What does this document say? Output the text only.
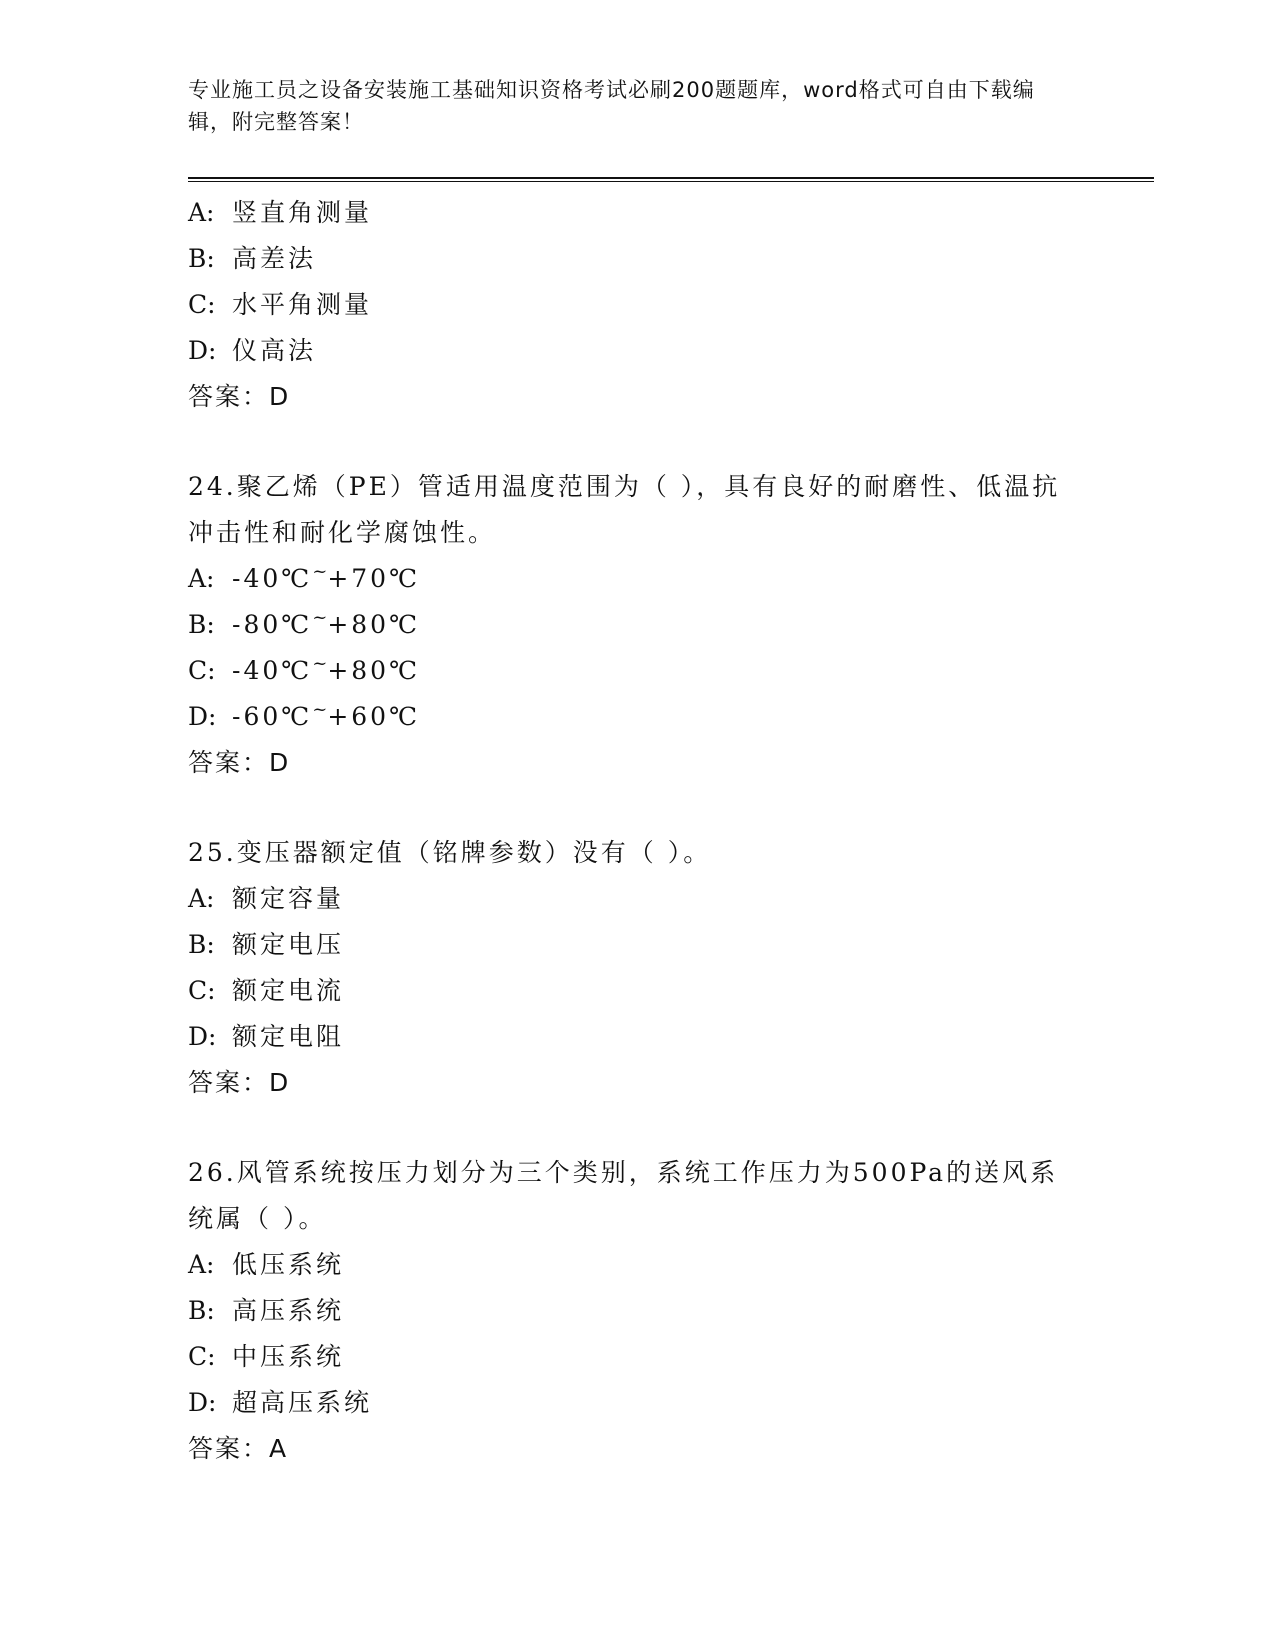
专业施工员之设备安装施工基础知识资格考试必刷200题题库，word格式可自由下载编辑，附完整答案！
A: 竖直角测量
B: 高差法
C: 水平角测量
D: 仪高法
答案：D
24.聚乙烯（PE）管适用温度范围为（ ），具有良好的耐磨性、低温抗冲击性和耐化学腐蚀性。
A: -40℃~+70℃
B: -80℃~+80℃
C: -40℃~+80℃
D: -60℃~+60℃
答案：D
25.变压器额定值（铭牌参数）没有（ ）。
A: 额定容量
B: 额定电压
C: 额定电流
D: 额定电阻
答案：D
26.风管系统按压力划分为三个类别，系统工作压力为500Pa的送风系统属（ ）。
A: 低压系统
B: 高压系统
C: 中压系统
D: 超高压系统
答案：A
